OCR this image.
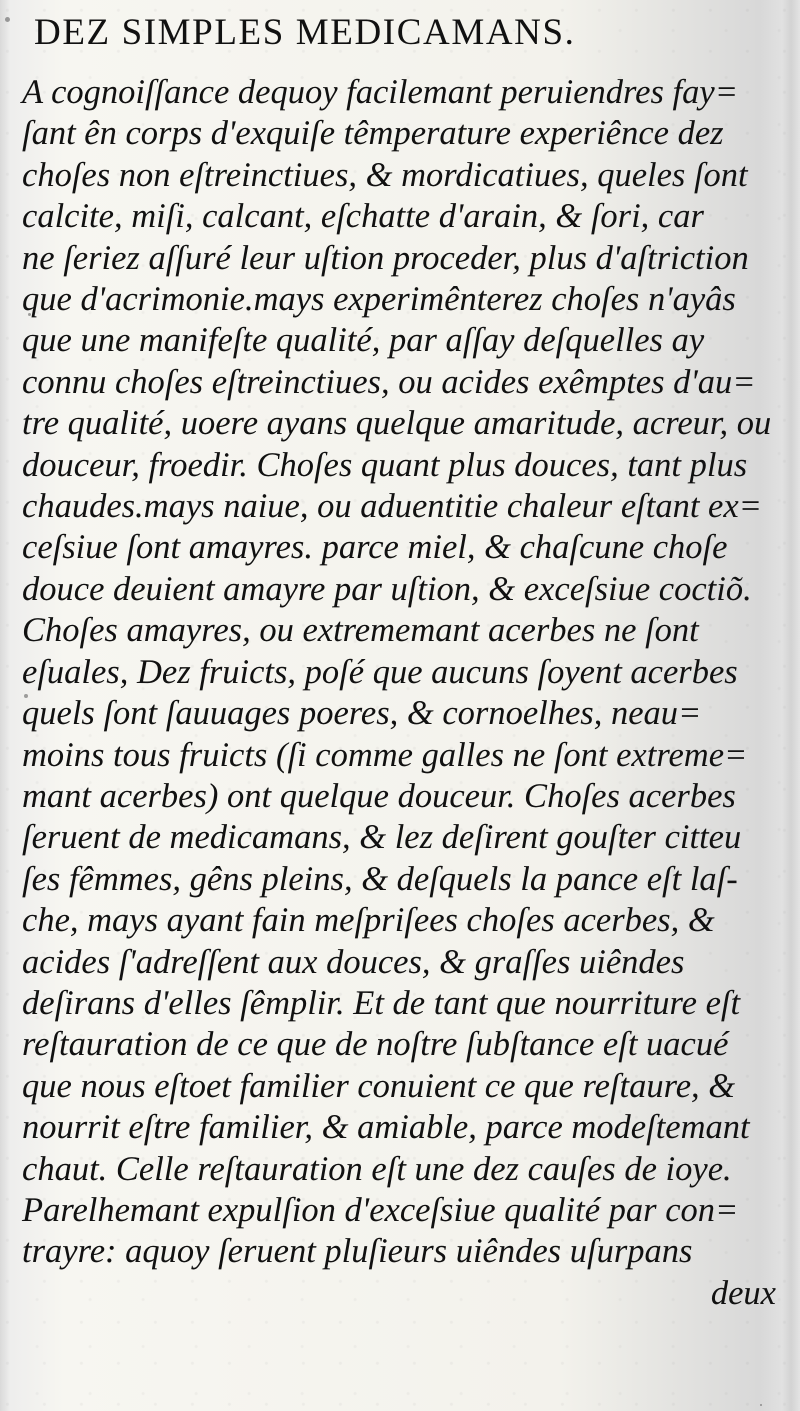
DEZ SIMPLES MEDICAMANS.
A cognoiſſance dequoy facilemant peruiendres fay=
ſant ên corps d'exquiſe têmperature experiênce dez
choſes non eſtreinctiues, & mordicatiues, queles ſont
calcite, miſi, calcant, eſchatte d'arain, & ſori, car
ne ſeriez aſſuré leur uſtion proceder, plus d'aſtriction
que d'acrimonie.mays experimênterez choſes n'ayâs
que une manifeſte qualité, par aſſay deſquelles ay
connu choſes eſtreinctiues, ou acides exêmptes d'au=
tre qualité, uoere ayans quelque amaritude, acreur, ou
douceur, froedir. Choſes quant plus douces, tant plus
chaudes.mays naiue, ou aduentitie chaleur eſtant ex=
ceſsiue ſont amayres. parce miel, & chaſcune choſe
douce deuient amayre par uſtion, & exceſsiue coctiõ.
Choſes amayres, ou extrememant acerbes ne ſont
eſuales, Dez fruicts, poſé que aucuns ſoyent acerbes
quels ſont ſauuages poeres, & cornoelhes, neau=
moins tous fruicts (ſi comme galles ne ſont extreme=
mant acerbes) ont quelque douceur. Choſes acerbes
ſeruent de medicamans, & lez deſirent gouſter citteu
ſes fêmmes, gêns pleins, & deſquels la pance eſt laſ-
che, mays ayant fain meſpriſees choſes acerbes, &
acides ſ'adreſſent aux douces, & graſſes uiêndes
deſirans d'elles ſêmplir. Et de tant que nourriture eſt
reſtauration de ce que de noſtre ſubſtance eſt uacué
que nous eſtoet familier conuient ce que reſtaure, &
nourrit eſtre familier, & amiable, parce modeſtemant
chaut. Celle reſtauration eſt une dez cauſes de ioye.
Parelhemant expulſion d'exceſsiue qualité par con=
trayre: aquoy ſeruent pluſieurs uiêndes uſurpans
deux
